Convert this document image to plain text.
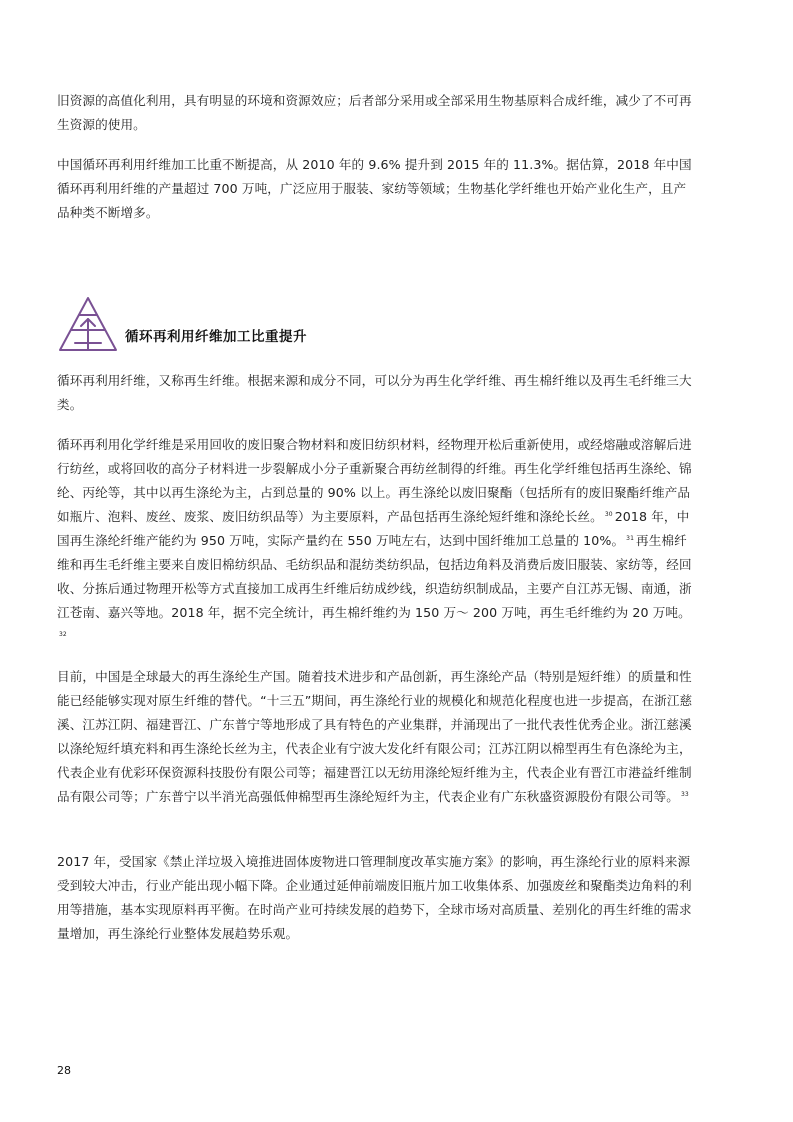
旧资源的高值化利用，具有明显的环境和资源效应；后者部分采用或全部采用生物基原料合成纤维，减少了不可再生资源的使用。

中国循环再利用纤维加工比重不断提高，从 2010 年的 9.6% 提升到 2015 年的 11.3%。据估算，2018 年中国循环再利用纤维的产量超过 700 万吨，广泛应用于服装、家纺等领域；生物基化学纤维也开始产业化生产，且产品种类不断增多。

循环再利用纤维加工比重提升

循环再利用纤维，又称再生纤维。根据来源和成分不同，可以分为再生化学纤维、再生棉纤维以及再生毛纤维三大类。

循环再利用化学纤维是采用回收的废旧聚合物材料和废旧纺织材料，经物理开松后重新使用，或经熔融或溶解后进行纺丝，或将回收的高分子材料进一步裂解成小分子重新聚合再纺丝制得的纤维。再生化学纤维包括再生涤纶、锦纶、丙纶等，其中以再生涤纶为主，占到总量的 90% 以上。再生涤纶以废旧聚酯（包括所有的废旧聚酯纤维产品如瓶片、泡料、废丝、废浆、废旧纺织品等）为主要原料，产品包括再生涤纶短纤维和涤纶长丝。 $^{30}$ 2018 年，中国再生涤纶纤维产能约为 950 万吨，实际产量约在 550 万吨左右，达到中国纤维加工总量的 10%。 $^{31}$ 再生棉纤维和再生毛纤维主要来自废旧棉纺织品、毛纺织品和混纺类纺织品，包括边角料及消费后废旧服装、家纺等，经回收、分拣后通过物理开松等方式直接加工成再生纤维后纺成纱线，织造纺织制成品，主要产自江苏无锡、南通，浙江苍南、嘉兴等地。2018 年，据不完全统计，再生棉纤维约为 150 万～ 200 万吨，再生毛纤维约为 20 万吨。$^{32}$

目前，中国是全球最大的再生涤纶生产国。随着技术进步和产品创新，再生涤纶产品（特别是短纤维）的质量和性能已经能够实现对原生纤维的替代。“十三五”期间，再生涤纶行业的规模化和规范化程度也进一步提高，在浙江慈溪、江苏江阴、福建晋江、广东普宁等地形成了具有特色的产业集群，并涌现出了一批代表性优秀企业。浙江慈溪以涤纶短纤填充料和再生涤纶长丝为主，代表企业有宁波大发化纤有限公司；江苏江阴以棉型再生有色涤纶为主，代表企业有优彩环保资源科技股份有限公司等；福建晋江以无纺用涤纶短纤维为主，代表企业有晋江市港益纤维制品有限公司等；广东普宁以半消光高强低伸棉型再生涤纶短纤为主，代表企业有广东秋盛资源股份有限公司等。 $^{33}$

2017 年，受国家《禁止洋垃圾入境推进固体废物进口管理制度改革实施方案》的影响，再生涤纶行业的原料来源受到较大冲击，行业产能出现小幅下降。企业通过延伸前端废旧瓶片加工收集体系、加强废丝和聚酯类边角料的利用等措施，基本实现原料再平衡。在时尚产业可持续发展的趋势下，全球市场对高质量、差别化的再生纤维的需求量增加，再生涤纶行业整体发展趋势乐观。

28
